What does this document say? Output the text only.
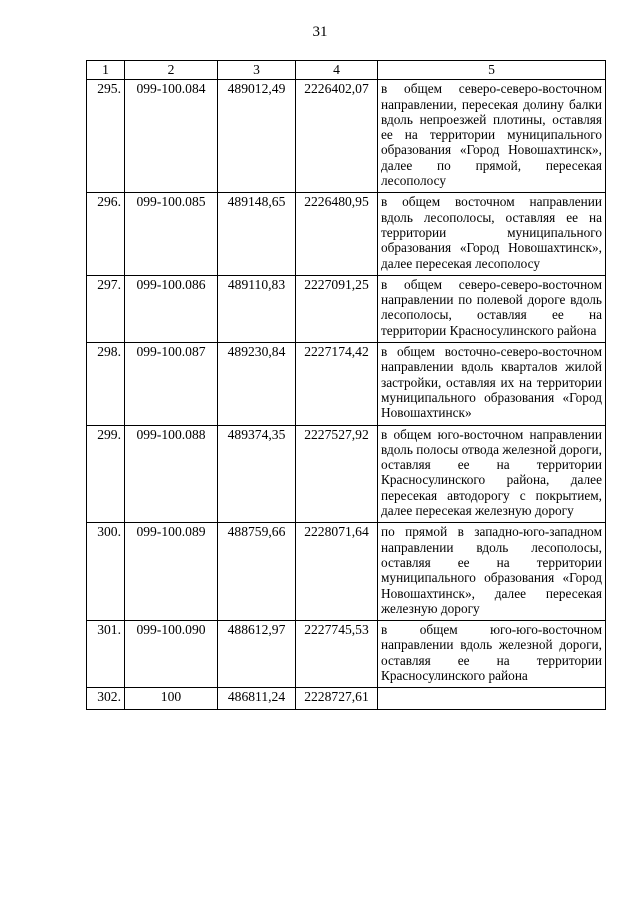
31
1	2	3	4	5
295.	099-100.084	489012,49	2226402,07	в общем северо-северо-восточном направлении, пересекая долину балки вдоль непроезжей плотины, оставляя ее на территории муниципального образования «Город Новошахтинск», далее по прямой, пересекая лесополосу
296.	099-100.085	489148,65	2226480,95	в общем восточном направлении вдоль лесополосы, оставляя ее на территории муниципального образования «Город Новошахтинск», далее пересекая лесополосу
297.	099-100.086	489110,83	2227091,25	в общем северо-северо-восточном направлении по полевой дороге вдоль лесополосы, оставляя ее на территории Красносулинского района
298.	099-100.087	489230,84	2227174,42	в общем восточно-северо-восточном направлении вдоль кварталов жилой застройки, оставляя их на территории муниципального образования «Город Новошахтинск»
299.	099-100.088	489374,35	2227527,92	в общем юго-восточном направлении вдоль полосы отвода железной дороги, оставляя ее на территории Красносулинского района, далее пересекая автодорогу с покрытием, далее пересекая железную дорогу
300.	099-100.089	488759,66	2228071,64	по прямой в западно-юго-западном направлении вдоль лесополосы, оставляя ее на территории муниципального образования «Город Новошахтинск», далее пересекая железную дорогу
301.	099-100.090	488612,97	2227745,53	в общем юго-юго-восточном направлении вдоль железной дороги, оставляя ее на территории Красносулинского района
302.	100	486811,24	2228727,61	
